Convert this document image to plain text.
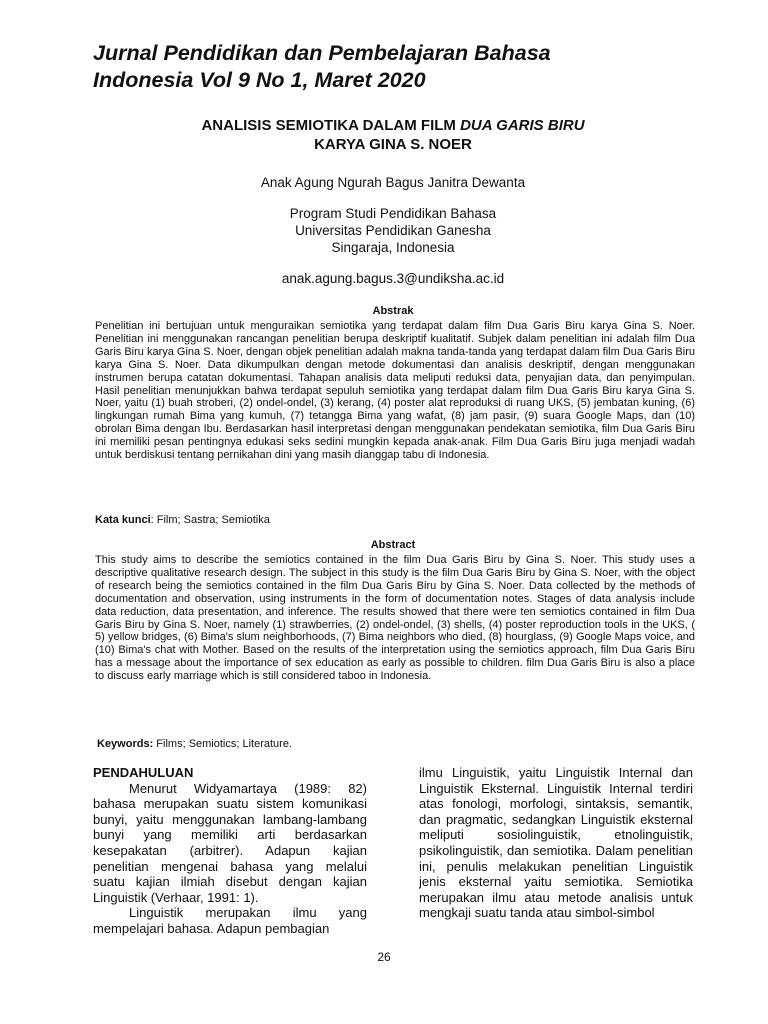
Jurnal Pendidikan dan Pembelajaran Bahasa
Indonesia Vol 9 No 1, Maret 2020
ANALISIS SEMIOTIKA DALAM FILM DUA GARIS BIRU
KARYA GINA S. NOER
Anak Agung Ngurah Bagus Janitra Dewanta
Program Studi Pendidikan Bahasa
Universitas Pendidikan Ganesha
Singaraja, Indonesia
anak.agung.bagus.3@undiksha.ac.id
Abstrak
Penelitian ini bertujuan untuk menguraikan semiotika yang terdapat dalam film Dua Garis Biru karya Gina S. Noer. Penelitian ini menggunakan rancangan penelitian berupa deskriptif kualitatif. Subjek dalam penelitian ini adalah film Dua Garis Biru karya Gina S. Noer, dengan objek penelitian adalah makna tanda-tanda yang terdapat dalam film Dua Garis Biru karya Gina S. Noer. Data dikumpulkan dengan metode dokumentasi dan analisis deskriptif, dengan menggunakan instrumen berupa catatan dokumentasi. Tahapan analisis data meliputi reduksi data, penyajian data, dan penyimpulan. Hasil penelitian menunjukkan bahwa terdapat sepuluh semiotika yang terdapat dalam film Dua Garis Biru karya Gina S. Noer, yaitu (1) buah stroberi, (2) ondel-ondel, (3) kerang, (4) poster alat reproduksi di ruang UKS, (5) jembatan kuning, (6) lingkungan rumah Bima yang kumuh, (7) tetangga Bima yang wafat, (8) jam pasir, (9) suara Google Maps, dan (10) obrolan Bima dengan Ibu. Berdasarkan hasil interpretasi dengan menggunakan pendekatan semiotika, film Dua Garis Biru ini memiliki pesan pentingnya edukasi seks sedini mungkin kepada anak-anak. Film Dua Garis Biru juga menjadi wadah untuk berdiskusi tentang pernikahan dini yang masih dianggap tabu di Indonesia.
Kata kunci: Film; Sastra; Semiotika
Abstract
This study aims to describe the semiotics contained in the film Dua Garis Biru by Gina S. Noer. This study uses a descriptive qualitative research design. The subject in this study is the film Dua Garis Biru by Gina S. Noer, with the object of research being the semiotics contained in the film Dua Garis Biru by Gina S. Noer. Data collected by the methods of documentation and observation, using instruments in the form of documentation notes. Stages of data analysis include data reduction, data presentation, and inference. The results showed that there were ten semiotics contained in film Dua Garis Biru by Gina S. Noer, namely (1) strawberries, (2) ondel-ondel, (3) shells, (4) poster reproduction tools in the UKS, ( 5) yellow bridges, (6) Bima's slum neighborhoods, (7) Bima neighbors who died, (8) hourglass, (9) Google Maps voice, and (10) Bima's chat with Mother. Based on the results of the interpretation using the semiotics approach, film Dua Garis Biru has a message about the importance of sex education as early as possible to children. film Dua Garis Biru is also a place to discuss early marriage which is still considered taboo in Indonesia.
Keywords: Films; Semiotics; Literature.
PENDAHULUAN
Menurut Widyamartaya (1989: 82) bahasa merupakan suatu sistem komunikasi bunyi, yaitu menggunakan lambang-lambang bunyi yang memiliki arti berdasarkan kesepakatan (arbitrer). Adapun kajian penelitian mengenai bahasa yang melalui suatu kajian ilmiah disebut dengan kajian Linguistik (Verhaar, 1991: 1).
Linguistik merupakan ilmu yang mempelajari bahasa. Adapun pembagian
ilmu Linguistik, yaitu Linguistik Internal dan Linguistik Eksternal. Linguistik Internal terdiri atas fonologi, morfologi, sintaksis, semantik, dan pragmatic, sedangkan Linguistik eksternal meliputi sosiolinguistik, etnolinguistik, psikolinguistik, dan semiotika. Dalam penelitian ini, penulis melakukan penelitian Linguistik jenis eksternal yaitu semiotika. Semiotika merupakan ilmu atau metode analisis untuk mengkaji suatu tanda atau simbol-simbol
26
